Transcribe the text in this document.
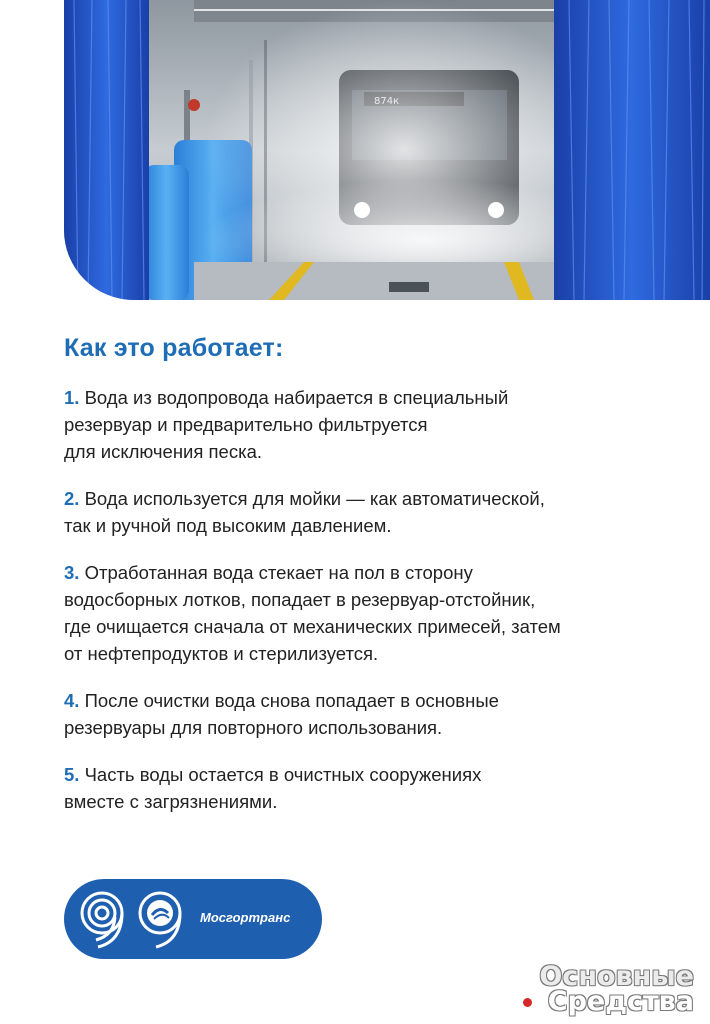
Как это работает:
1. Вода из водопровода набирается в специальный
резервуар и предварительно фильтруется
для исключения песка.
2. Вода используется для мойки — как автоматической,
так и ручной под высоким давлением.
3. Отработанная вода стекает на пол в сторону
водосборных лотков, попадает в резервуар-отстойник,
где очищается сначала от механических примесей, затем
от нефтепродуктов и стерилизуется.
4. После очистки вода снова попадает в основные
резервуары для повторного использования.
5. Часть воды остается в очистных сооружениях
вместе с загрязнениями.
Мосгортранс
Основные
Средства
